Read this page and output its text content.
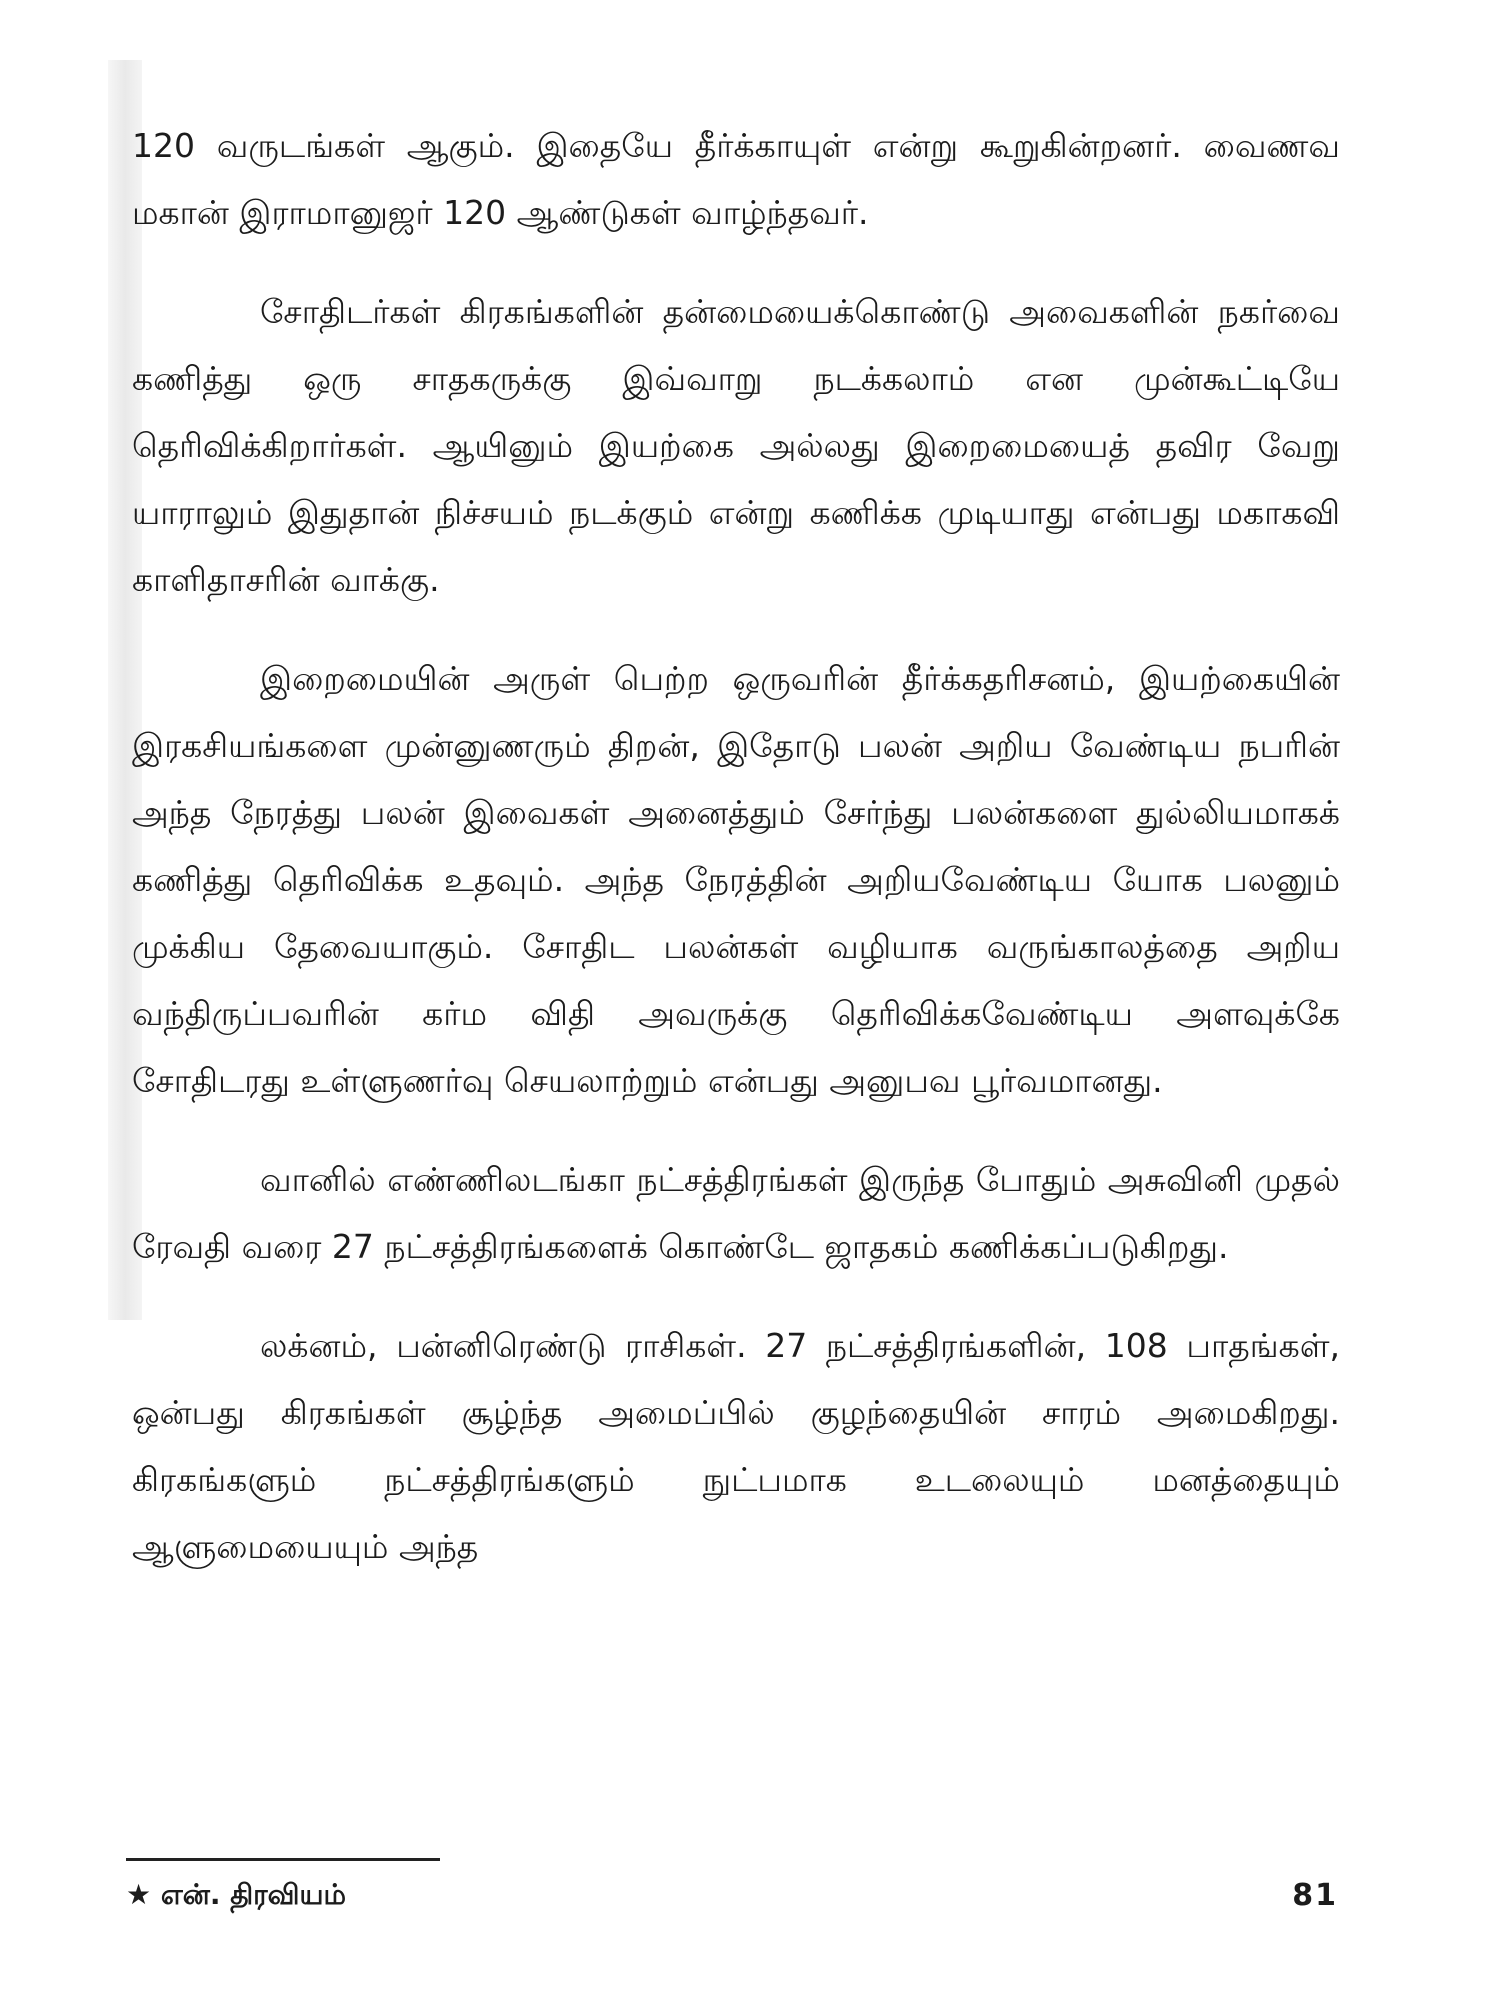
120 வருடங்கள் ஆகும். இதையே தீர்க்காயுள் என்று கூறுகின்றனர். வைணவ மகான் இராமானுஜர் 120 ஆண்டுகள் வாழ்ந்தவர்.

சோதிடர்கள் கிரகங்களின் தன்மையைக்கொண்டு அவைகளின் நகர்வை கணித்து ஒரு சாதகருக்கு இவ்வாறு நடக்கலாம் என முன்கூட்டியே தெரிவிக்கிறார்கள். ஆயினும் இயற்கை அல்லது இறைமையைத் தவிர வேறு யாராலும் இதுதான் நிச்சயம் நடக்கும் என்று கணிக்க முடியாது என்பது மகாகவி காளிதாசரின் வாக்கு.

இறைமையின் அருள் பெற்ற ஒருவரின் தீர்க்கதரிசனம், இயற்கையின் இரகசியங்களை முன்னுணரும் திறன், இதோடு பலன் அறிய வேண்டிய நபரின் அந்த நேரத்து பலன் இவைகள் அனைத்தும் சேர்ந்து பலன்களை துல்லியமாகக் கணித்து தெரிவிக்க உதவும். அந்த நேரத்தின் அறியவேண்டிய யோக பலனும் முக்கிய தேவையாகும். சோதிட பலன்கள் வழியாக வருங்காலத்தை அறிய வந்திருப்பவரின் கர்ம விதி அவருக்கு தெரிவிக்கவேண்டிய அளவுக்கே சோதிடரது உள்ளுணர்வு செயலாற்றும் என்பது அனுபவ பூர்வமானது.

வானில் எண்ணிலடங்கா நட்சத்திரங்கள் இருந்த போதும் அசுவினி முதல் ரேவதி வரை 27 நட்சத்திரங்களைக் கொண்டே ஜாதகம் கணிக்கப்படுகிறது.

லக்னம், பன்னிரெண்டு ராசிகள். 27 நட்சத்திரங்களின், 108 பாதங்கள், ஒன்பது கிரகங்கள் சூழ்ந்த அமைப்பில் குழந்தையின் சாரம் அமைகிறது. கிரகங்களும் நட்சத்திரங்களும் நுட்பமாக உடலையும் மனத்தையும் ஆளுமையையும் அந்த

★ என். திரவியம்	81
